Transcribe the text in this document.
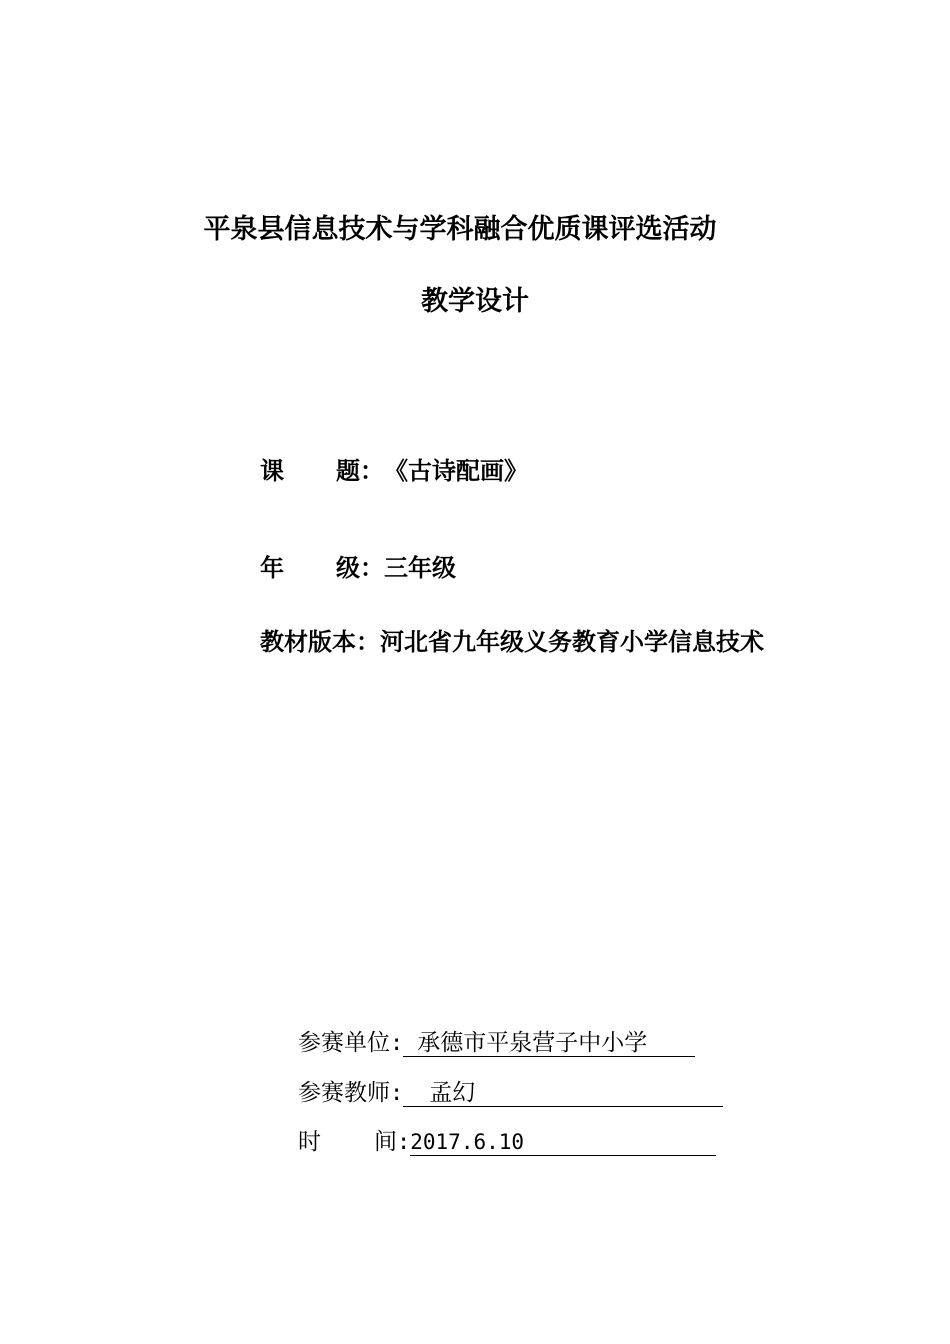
平泉县信息技术与学科融合优质课评选活动
教学设计
课	题： 《古诗配画》
年	级： 三年级
教材版本： 河北省九年级义务教育小学信息技术
参赛单位 : 承德市平泉营子中小学
参赛教师 :	孟幻
时	间 : 2017.6.10
